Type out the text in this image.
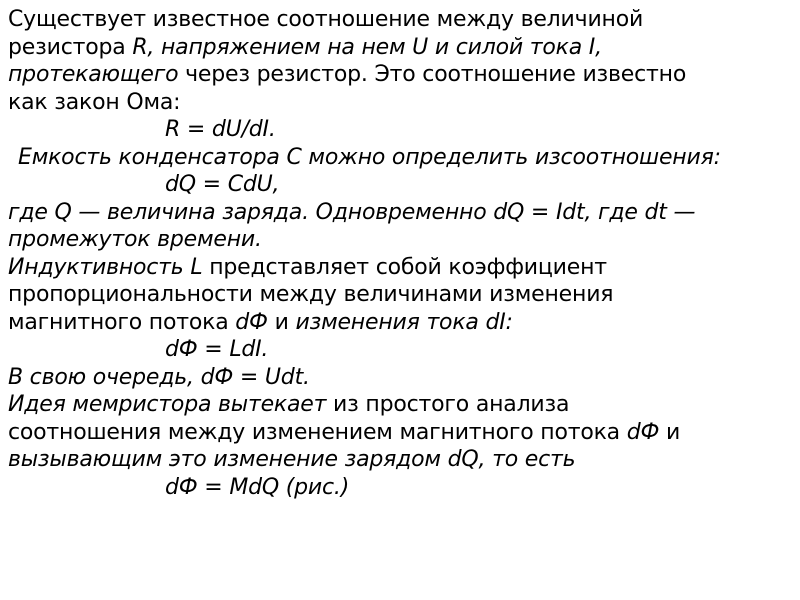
Существует известное соотношение между величиной
резистора R, напряжением на нем U и силой тока I,
протекающего через резистор. Это соотношение известно
как закон Ома:
R = dU/dI.
Емкость конденсатора С можно определить изсоотношения:
dQ = CdU,
где Q — величина заряда. Одновременно dQ = Idt, где dt —
промежуток времени.
Индуктивность L представляет собой коэффициент
пропорциональности между величинами изменения
магнитного потока dФ и изменения тока dI:
dФ = LdI.
В свою очередь, dФ = Udt.
Идея мемристора вытекает из простого анализа
соотношения между изменением магнитного потока dФ и
вызывающим это изменение зарядом dQ, то есть
dФ = MdQ (рис.)
